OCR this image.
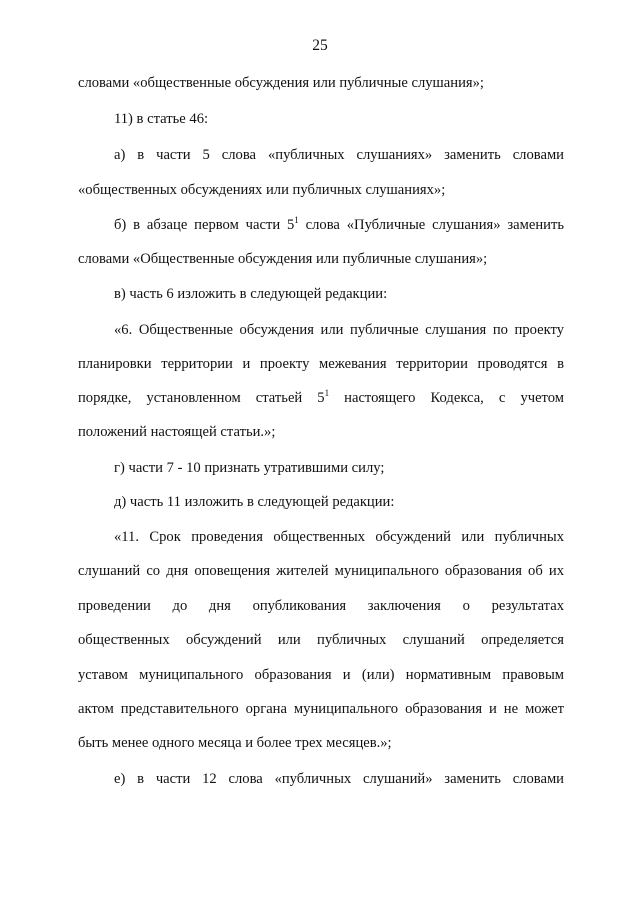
25
словами «общественные обсуждения или публичные слушания»;
11) в статье 46:
а) в части 5 слова «публичных слушаниях» заменить словами
«общественных обсуждениях или публичных слушаниях»;
б) в абзаце первом части $5^1$ слова «Публичные слушания» заменить
словами «Общественные обсуждения или публичные слушания»;
в) часть 6 изложить в следующей редакции:
«6. Общественные обсуждения или публичные слушания по проекту
планировки территории и проекту межевания территории проводятся в
порядке, установленном статьей $5^1$ настоящего Кодекса, с учетом
положений настоящей статьи.»;
г) части 7 - 10 признать утратившими силу;
д) часть 11 изложить в следующей редакции:
«11. Срок проведения общественных обсуждений или публичных
слушаний со дня оповещения жителей муниципального образования об их
проведении до дня опубликования заключения о результатах
общественных обсуждений или публичных слушаний определяется
уставом муниципального образования и (или) нормативным правовым
актом представительного органа муниципального образования и не может
быть менее одного месяца и более трех месяцев.»;
е) в части 12 слова «публичных слушаний» заменить словами
